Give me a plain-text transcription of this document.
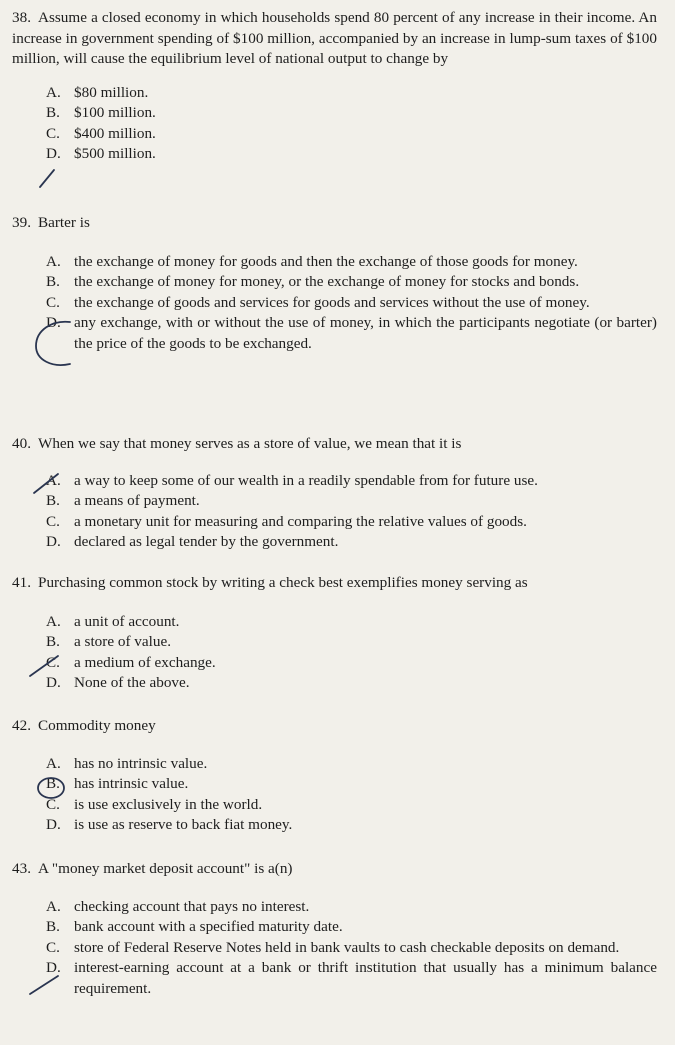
38. Assume a closed economy in which households spend 80 percent of any increase in their income. An increase in government spending of $100 million, accompanied by an increase in lump-sum taxes of $100 million, will cause the equilibrium level of national output to change by
A. $80 million.
B. $100 million.
C. $400 million.
D. $500 million.
39. Barter is
A. the exchange of money for goods and then the exchange of those goods for money.
B. the exchange of money for money, or the exchange of money for stocks and bonds.
C. the exchange of goods and services for goods and services without the use of money.
D. any exchange, with or without the use of money, in which the participants negotiate (or barter) the price of the goods to be exchanged.
40. When we say that money serves as a store of value, we mean that it is
A. a way to keep some of our wealth in a readily spendable from for future use.
B. a means of payment.
C. a monetary unit for measuring and comparing the relative values of goods.
D. declared as legal tender by the government.
41. Purchasing common stock by writing a check best exemplifies money serving as
A. a unit of account.
B. a store of value.
C. a medium of exchange.
D. None of the above.
42. Commodity money
A. has no intrinsic value.
B. has intrinsic value.
C. is use exclusively in the world.
D. is use as reserve to back fiat money.
43. A "money market deposit account" is a(n)
A. checking account that pays no interest.
B. bank account with a specified maturity date.
C. store of Federal Reserve Notes held in bank vaults to cash checkable deposits on demand.
D. interest-earning account at a bank or thrift institution that usually has a minimum balance requirement.
